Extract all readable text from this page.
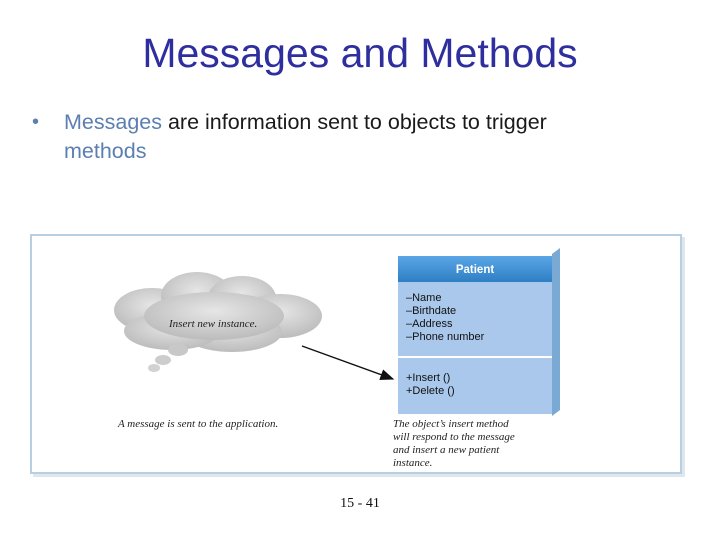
Messages and Methods
• Messages are information sent to objects to trigger
methods
Insert new instance.
Patient
–Name
–Birthdate
–Address
–Phone number
+Insert ()
+Delete ()
A message is sent to the application.	The object’s insert method
will respond to the message
and insert a new patient
instance.
15 - 41
